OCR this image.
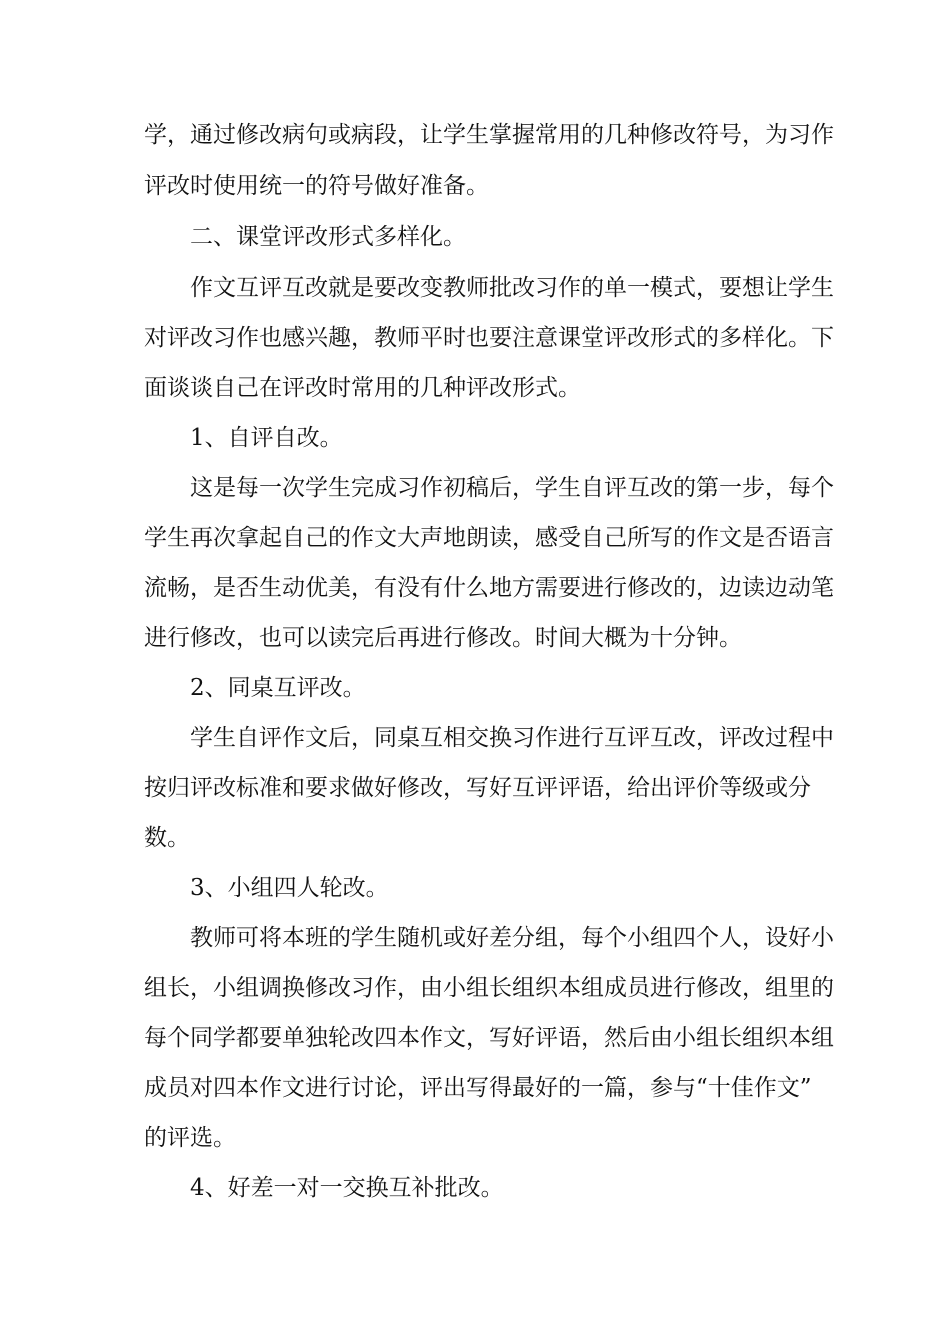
学，通过修改病句或病段，让学生掌握常用的几种修改符号，为习作

评改时使用统一的符号做好准备。

二、课堂评改形式多样化。

作文互评互改就是要改变教师批改习作的单一模式，要想让学生

对评改习作也感兴趣，教师平时也要注意课堂评改形式的多样化。下

面谈谈自己在评改时常用的几种评改形式。

1、自评自改。

这是每一次学生完成习作初稿后，学生自评互改的第一步，每个

学生再次拿起自己的作文大声地朗读，感受自己所写的作文是否语言

流畅，是否生动优美，有没有什么地方需要进行修改的，边读边动笔

进行修改，也可以读完后再进行修改。时间大概为十分钟。

2、同桌互评改。

学生自评作文后，同桌互相交换习作进行互评互改，评改过程中

按归评改标准和要求做好修改，写好互评评语，给出评价等级或分

数。

3、小组四人轮改。

教师可将本班的学生随机或好差分组，每个小组四个人，设好小

组长，小组调换修改习作，由小组长组织本组成员进行修改，组里的

每个同学都要单独轮改四本作文，写好评语，然后由小组长组织本组

成员对四本作文进行讨论，评出写得最好的一篇，参与“十佳作文”

的评选。

4、好差一对一交换互补批改。
